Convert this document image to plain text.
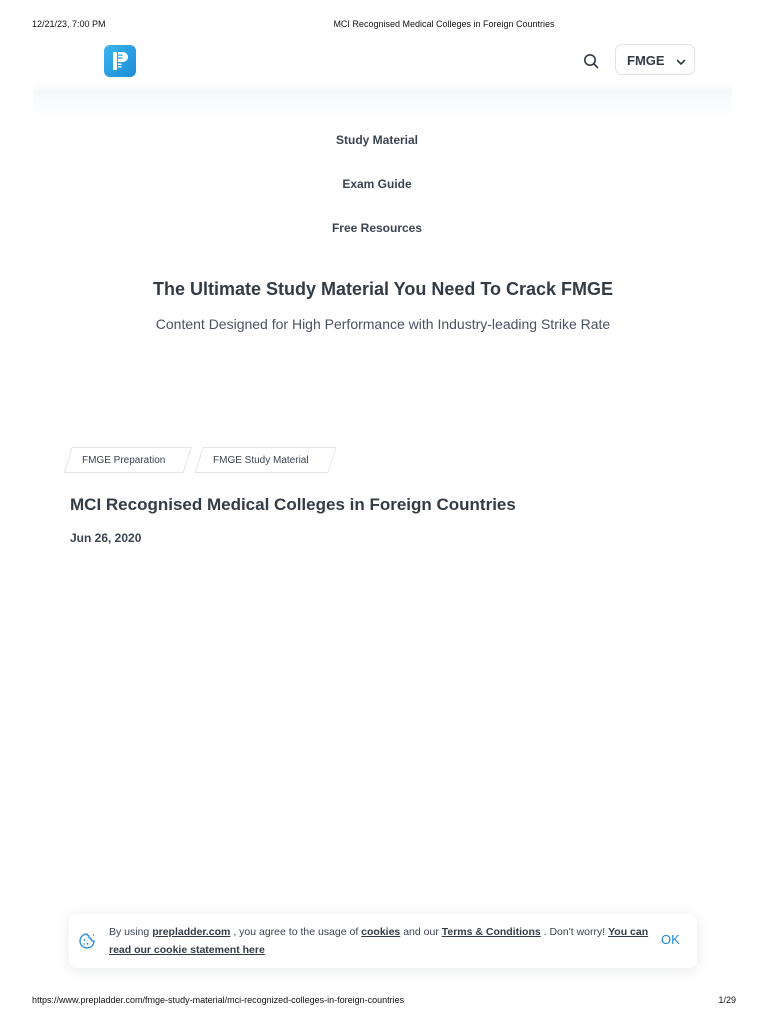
12/21/23, 7:00 PM	MCI Recognised Medical Colleges in Foreign Countries
FMGE
Study Material
Exam Guide
Free Resources
The Ultimate Study Material You Need To Crack FMGE
Content Designed for High Performance with Industry-leading Strike Rate
FMGE Preparation	FMGE Study Material
MCI Recognised Medical Colleges in Foreign Countries
Jun 26, 2020
By using prepladder.com , you agree to the usage of cookies and our Terms & Conditions . Don't worry! You can read our cookie statement here
OK
https://www.prepladder.com/fmge-study-material/mci-recognized-colleges-in-foreign-countries	1/29
